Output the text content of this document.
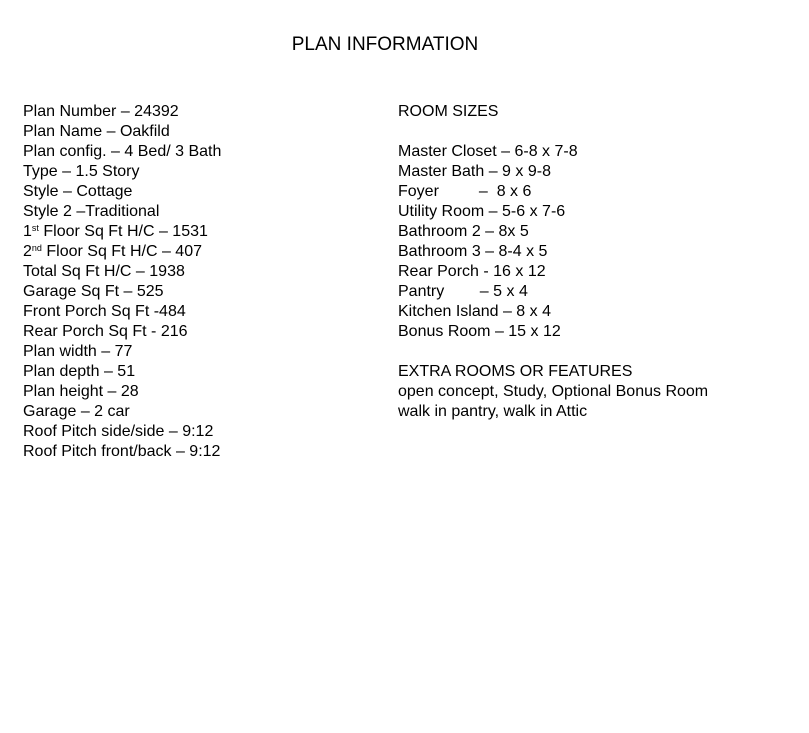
PLAN INFORMATION
Plan Number – 24392
Plan Name – Oakfild
Plan config. – 4 Bed/ 3 Bath
Type – 1.5 Story
Style – Cottage
Style 2 –Traditional
1st Floor Sq Ft H/C – 1531
2nd Floor Sq Ft H/C – 407
Total Sq Ft H/C – 1938
Garage Sq Ft – 525
Front Porch Sq Ft -484
Rear Porch Sq Ft - 216
Plan width – 77
Plan depth – 51
Plan height – 28
Garage – 2 car
Roof Pitch side/side – 9:12
Roof Pitch front/back – 9:12
ROOM SIZES
Master Closet – 6-8 x 7-8
Master Bath – 9 x 9-8
Foyer         –  8 x 6
Utility Room – 5-6 x 7-6
Bathroom 2 – 8x 5
Bathroom 3 – 8-4 x 5
Rear Porch - 16 x 12
Pantry        – 5 x 4
Kitchen Island – 8 x 4
Bonus Room – 15 x 12
EXTRA ROOMS OR FEATURES
open concept, Study, Optional Bonus Room
walk in pantry, walk in Attic
